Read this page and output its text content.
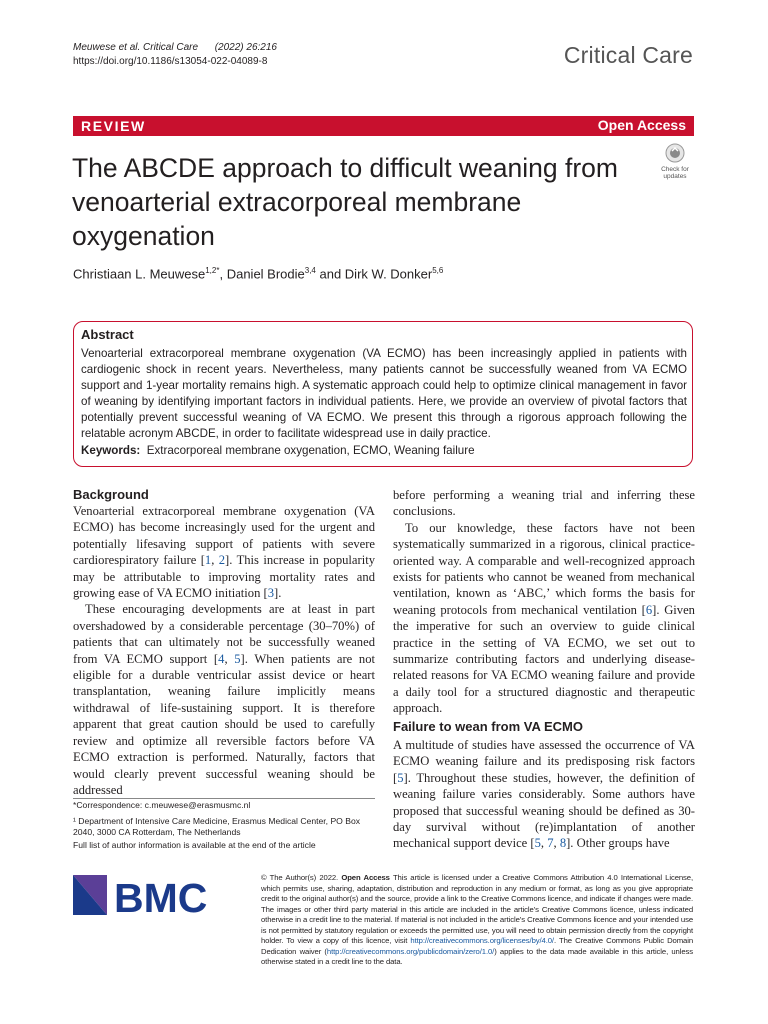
Meuwese et al. Critical Care (2022) 26:216
https://doi.org/10.1186/s13054-022-04089-8	Critical Care
REVIEW	Open Access
Check for
updates
The ABCDE approach to difficult weaning from venoarterial extracorporeal membrane oxygenation
Christiaan L. Meuwese$^{1,2*}$, Daniel Brodie$^{3,4}$ and Dirk W. Donker$^{5,6}$
Abstract
Venoarterial extracorporeal membrane oxygenation (VA ECMO) has been increasingly applied in patients with cardiogenic shock in recent years. Nevertheless, many patients cannot be successfully weaned from VA ECMO support and 1-year mortality remains high. A systematic approach could help to optimize clinical management in favor of weaning by identifying important factors in individual patients. Here, we provide an overview of pivotal factors that potentially prevent successful weaning of VA ECMO. We present this through a rigorous approach following the relatable acronym ABCDE, in order to facilitate widespread use in daily practice.
Keywords: Extracorporeal membrane oxygenation, ECMO, Weaning failure
Background

Venoarterial extracorporeal membrane oxygenation (VA ECMO) has become increasingly used for the urgent and potentially lifesaving support of patients with severe cardiorespiratory failure [1, 2]. This increase in popularity may be attributable to improving mortality rates and growing ease of VA ECMO initiation [3].

These encouraging developments are at least in part overshadowed by a considerable percentage (30–70%) of patients that can ultimately not be successfully weaned from VA ECMO support [4, 5]. When patients are not eligible for a durable ventricular assist device or heart transplantation, weaning failure implicitly means withdrawal of life-sustaining support. It is therefore apparent that great caution should be used to carefully review and optimize all reversible factors before VA ECMO extraction is performed. Naturally, factors that would clearly prevent successful weaning should be addressed

before performing a weaning trial and inferring these conclusions.

To our knowledge, these factors have not been systematically summarized in a rigorous, clinical practice-oriented way. A comparable and well-recognized approach exists for patients who cannot be weaned from mechanical ventilation, known as ‘ABC,’ which forms the basis for weaning protocols from mechanical ventilation [6]. Given the imperative for such an overview to guide clinical practice in the setting of VA ECMO, we set out to summarize contributing factors and underlying disease-related reasons for VA ECMO weaning failure and provide a daily tool for a structured diagnostic and therapeutic approach.

Failure to wean from VA ECMO

A multitude of studies have assessed the occurrence of VA ECMO weaning failure and its predisposing risk factors [5]. Throughout these studies, however, the definition of weaning failure varies considerably. Some authors have proposed that successful weaning should be defined as 30-day survival without (re)implantation of another mechanical support device [5, 7, 8]. Other groups have

*Correspondence: c.meuwese@erasmusmc.nl
¹ Department of Intensive Care Medicine, Erasmus Medical Center, PO Box 2040, 3000 CA Rotterdam, The Netherlands
Full list of author information is available at the end of the article
BMC	© The Author(s) 2022. Open Access This article is licensed under a Creative Commons Attribution 4.0 International License, which permits use, sharing, adaptation, distribution and reproduction in any medium or format, as long as you give appropriate credit to the original author(s) and the source, provide a link to the Creative Commons licence, and indicate if changes were made. The images or other third party material in this article are included in the article’s Creative Commons licence, unless indicated otherwise in a credit line to the material. If material is not included in the article’s Creative Commons licence and your intended use is not permitted by statutory regulation or exceeds the permitted use, you will need to obtain permission directly from the copyright holder. To view a copy of this licence, visit http://creativecommons.org/licenses/by/4.0/. The Creative Commons Public Domain Dedication waiver (http://creativecommons.org/publicdomain/zero/1.0/) applies to the data made available in this article, unless otherwise stated in a credit line to the data.
